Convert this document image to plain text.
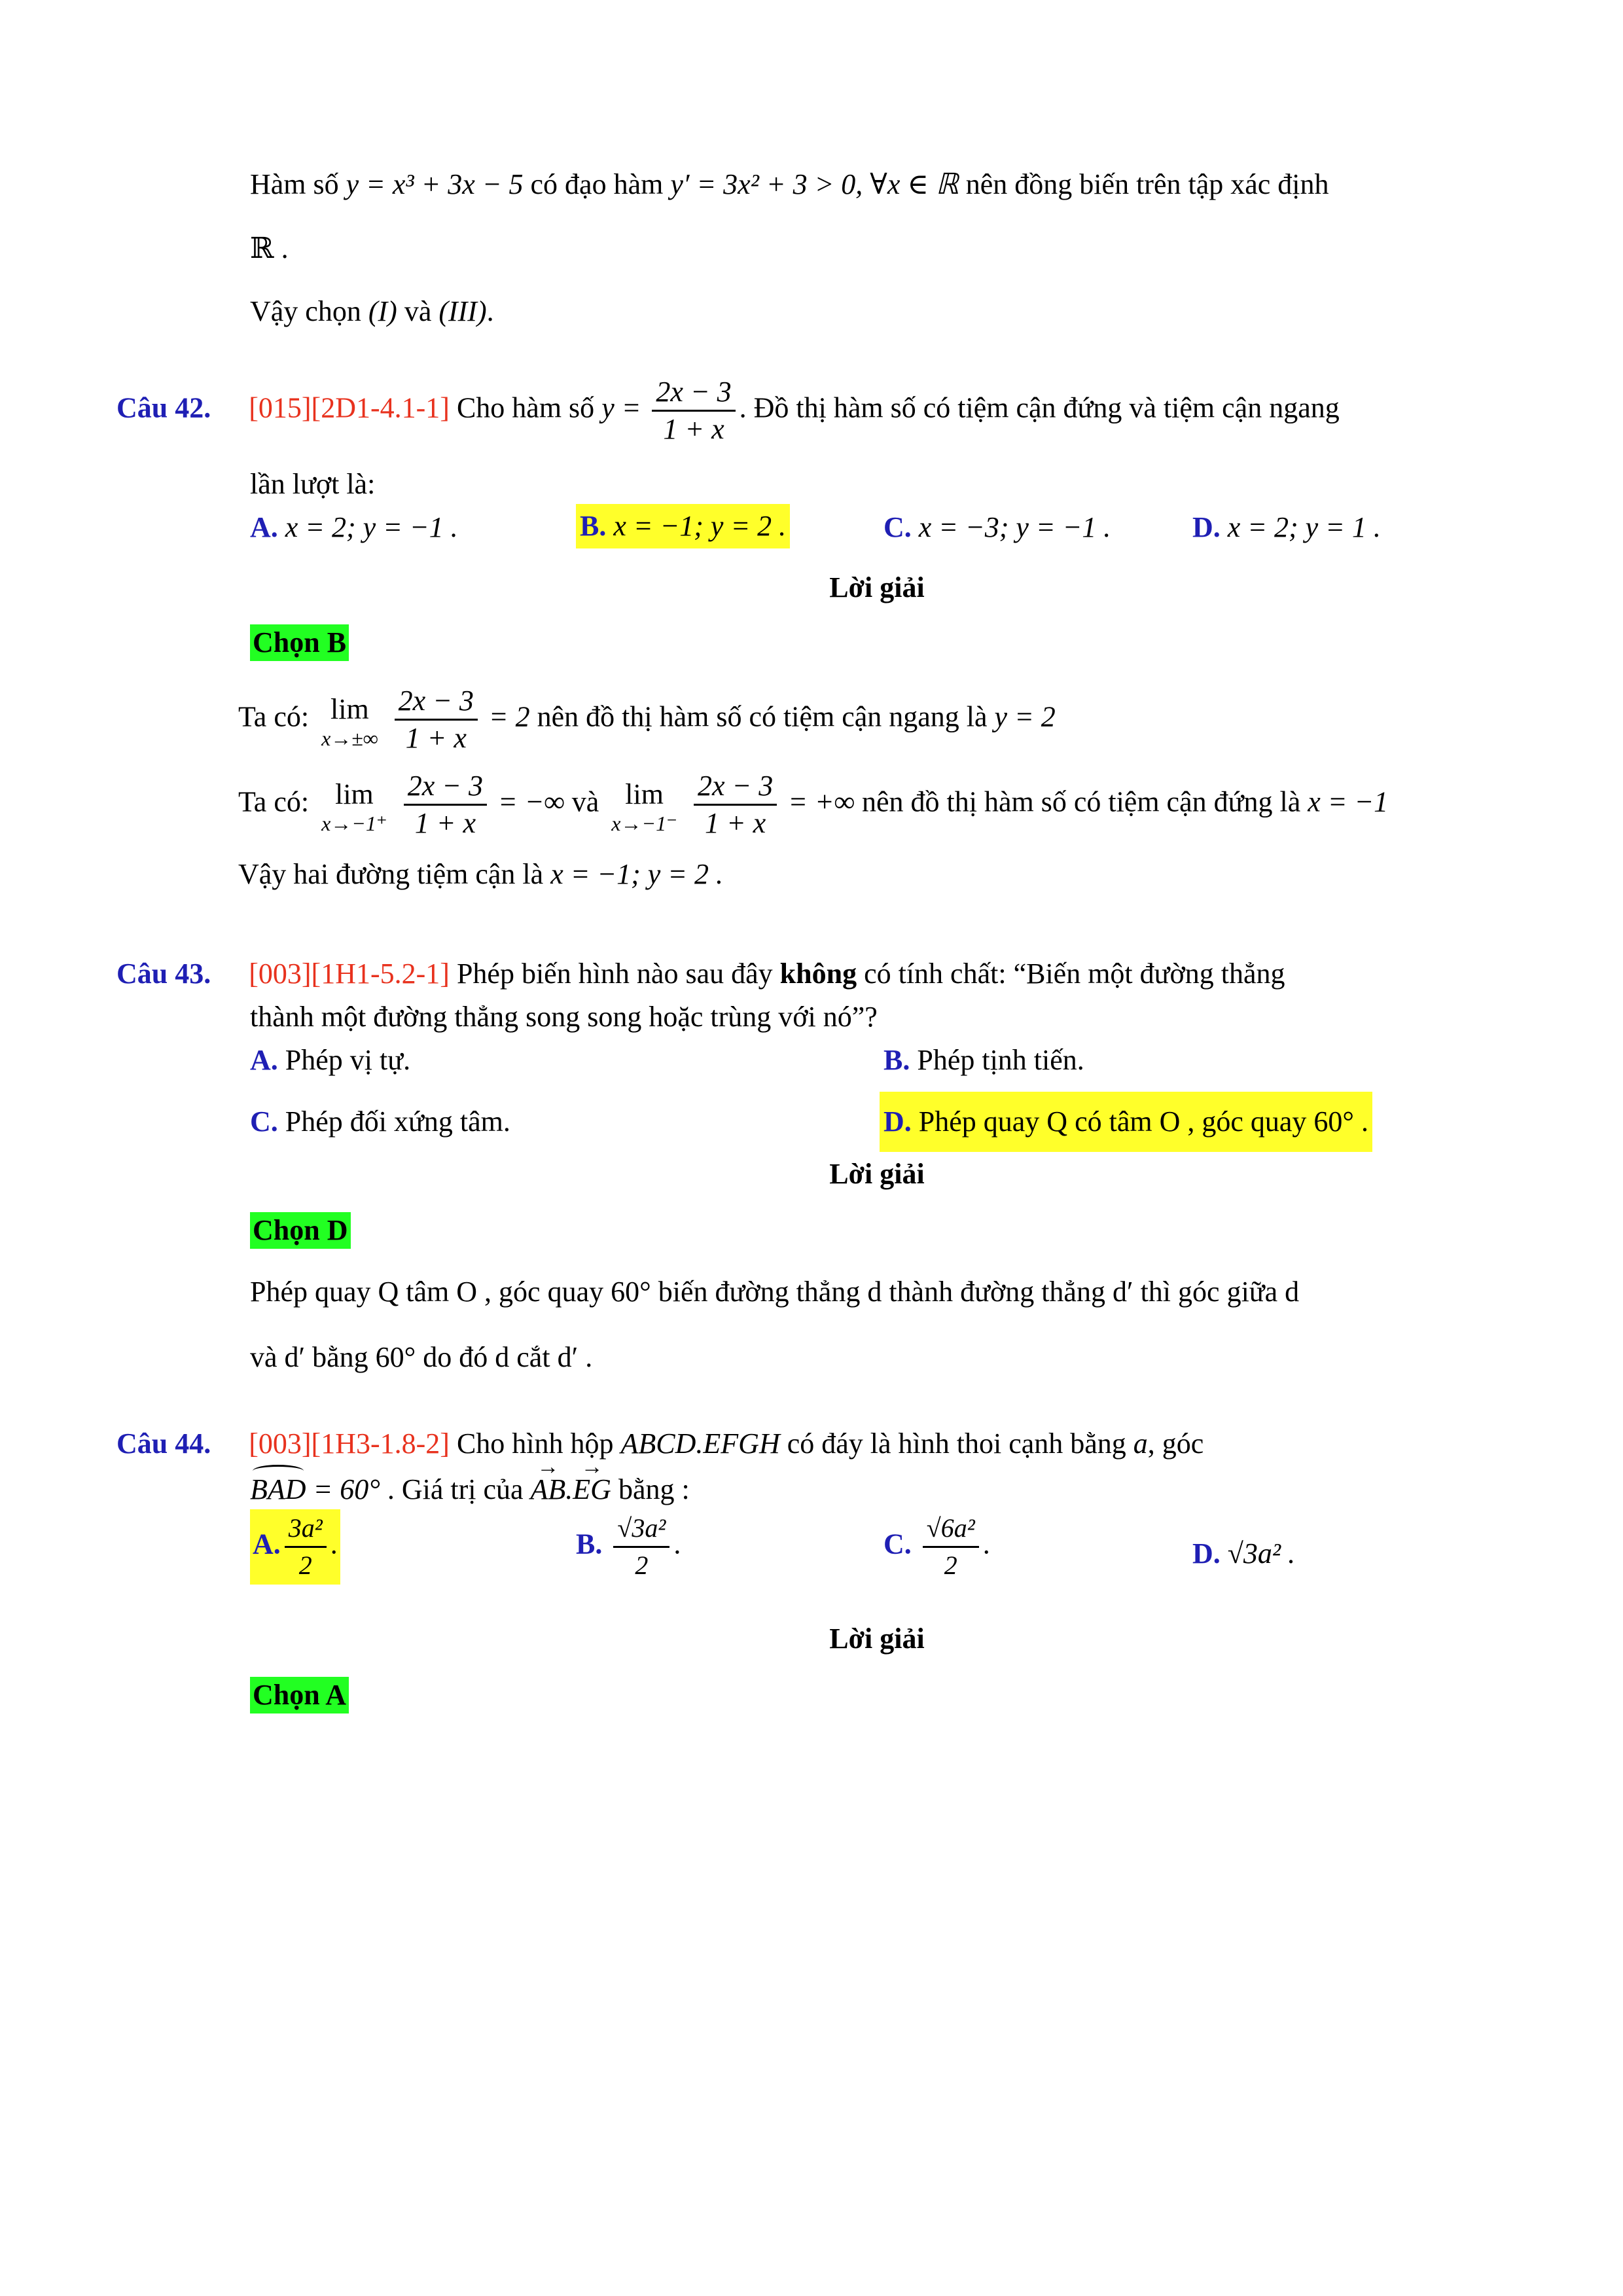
Hàm số y = x³ + 3x − 5 có đạo hàm y′ = 3x² + 3 > 0, ∀x ∈ ℝ nên đồng biến trên tập xác định
ℝ .
Vậy chọn (I) và (III).
Câu 42. [015][2D1-4.1-1] Cho hàm số $y = \frac{2x - 3}{1 + x}$ . Đồ thị hàm số có tiệm cận đứng và tiệm cận ngang
lần lượt là:
A. x = 2; y = −1 .	B. x = −1; y = 2 .	C. x = −3; y = −1 .	D. x = 2; y = 1 .
Lời giải
Chọn B
Ta có: lim
x→±∞
$\frac{2x - 3}{1 + x} = 2$ nên đồ thị hàm số có tiệm cận ngang là y = 2
Ta có: lim
x→−1⁺
$\frac{2x - 3}{1 + x}$ = −∞ và lim
x→−1⁻
$\frac{2x - 3}{1 + x}$ = +∞ nên đồ thị hàm số có tiệm cận đứng là x = −1
Vậy hai đường tiệm cận là x = −1; y = 2 .
Câu 43. [003][1H1-5.2-1] Phép biến hình nào sau đây không có tính chất: “Biến một đường thẳng
thành một đường thẳng song song hoặc trùng với nó”?
A. Phép vị tự.	B. Phép tịnh tiến.
C. Phép đối xứng tâm.	D. Phép quay Q có tâm O , góc quay 60° .
Lời giải
Chọn D
Phép quay Q tâm O , góc quay 60° biến đường thẳng d thành đường thẳng d′ thì góc giữa d
và d′ bằng 60° do đó d cắt d′ .
Câu 44. [003][1H3-1.8-2] Cho hình hộp ABCD.EFGH có đáy là hình thoi cạnh bằng a, góc
BAD = 60° . Giá trị của → AB.→ EG bằng :
A. $\frac{\text{3a²}}{2}$ .	B. $\frac{\text{√3a²}}{2}$ .	C. $\frac{\text{√6a²}}{2}$ .	D. √3a² .
Lời giải
Chọn A
